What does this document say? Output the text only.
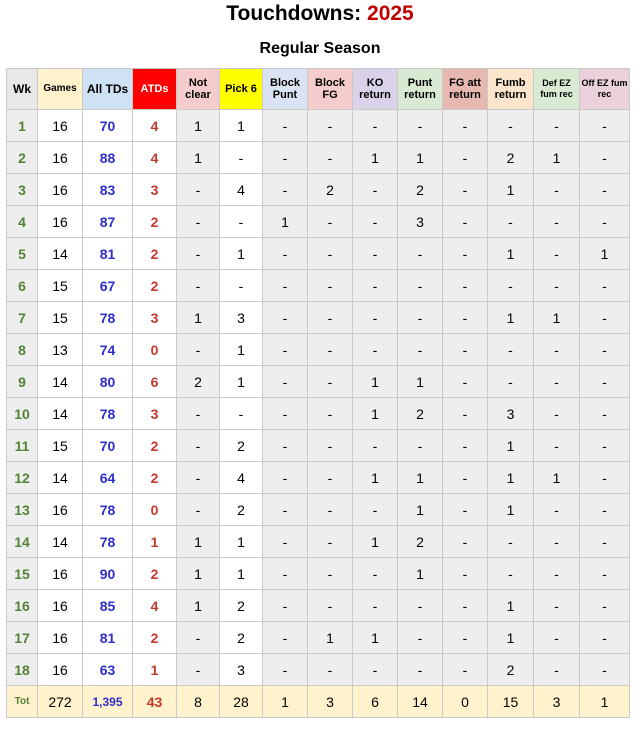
Touchdowns: 2025
Regular Season
Wk	Games	All TDs	ATDs	Not clear	Pick 6	Block Punt	Block FG	KO return	Punt return	FG att return	Fumb return	Def EZ fum rec	Off EZ fum rec
1	16	70	4	1	1	-	-	-	-	-	-	-	-
2	16	88	4	1	-	-	-	1	1	-	2	1	-
3	16	83	3	-	4	-	2	-	2	-	1	-	-
4	16	87	2	-	-	1	-	-	3	-	-	-	-
5	14	81	2	-	1	-	-	-	-	-	1	-	1
6	15	67	2	-	-	-	-	-	-	-	-	-	-
7	15	78	3	1	3	-	-	-	-	-	1	1	-
8	13	74	0	-	1	-	-	-	-	-	-	-	-
9	14	80	6	2	1	-	-	1	1	-	-	-	-
10	14	78	3	-	-	-	-	1	2	-	3	-	-
11	15	70	2	-	2	-	-	-	-	-	1	-	-
12	14	64	2	-	4	-	-	1	1	-	1	1	-
13	16	78	0	-	2	-	-	-	1	-	1	-	-
14	14	78	1	1	1	-	-	1	2	-	-	-	-
15	16	90	2	1	1	-	-	-	1	-	-	-	-
16	16	85	4	1	2	-	-	-	-	-	1	-	-
17	16	81	2	-	2	-	1	1	-	-	1	-	-
18	16	63	1	-	3	-	-	-	-	-	2	-	-
Tot	272	1,395	43	8	28	1	3	6	14	0	15	3	1
